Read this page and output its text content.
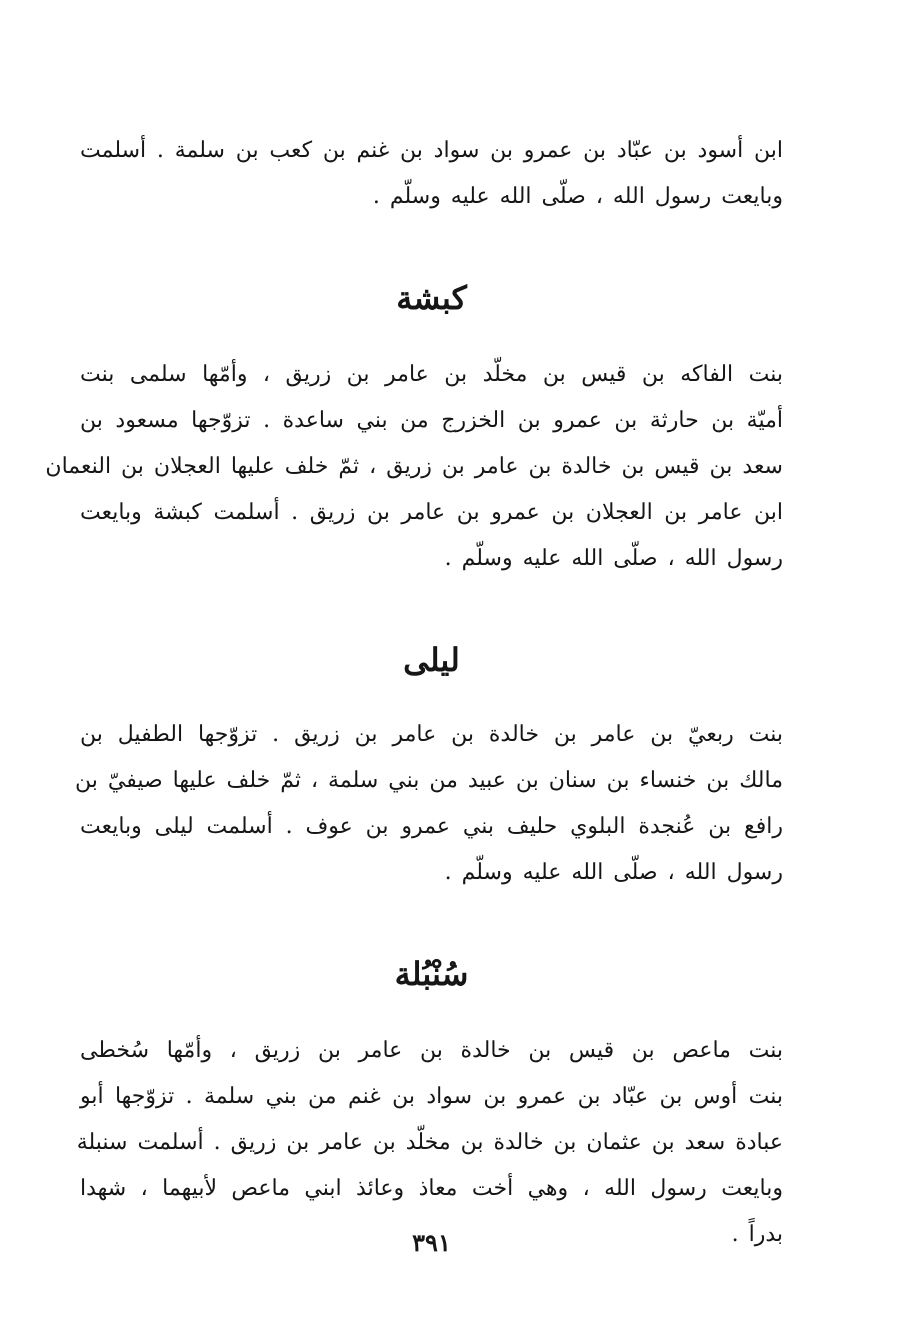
ابن أسود بن عبّاد بن عمرو بن سواد بن غنم بن كعب بن سلمة . أسلمت
وبايعت رسول الله ، صلّى الله عليه وسلّم .

كبشة

بنت الفاكه بن قيس بن مخلّد بن عامر بن زريق ، وأمّها سلمى بنت
أميّة بن حارثة بن عمرو بن الخزرج من بني ساعدة . تزوّجها مسعود بن
سعد بن قيس بن خالدة بن عامر بن زريق ، ثمّ خلف عليها العجلان بن النعمان
ابن عامر بن العجلان بن عمرو بن عامر بن زريق . أسلمت كبشة وبايعت
رسول الله ، صلّى الله عليه وسلّم .

ليلى

بنت ربعيّ بن عامر بن خالدة بن عامر بن زريق . تزوّجها الطفيل بن
مالك بن خنساء بن سنان بن عبيد من بني سلمة ، ثمّ خلف عليها صيفيّ بن
رافع بن عُنجدة البلوي حليف بني عمرو بن عوف . أسلمت ليلى وبايعت
رسول الله ، صلّى الله عليه وسلّم .

سُنْبُلة

بنت ماعص بن قيس بن خالدة بن عامر بن زريق ، وأمّها سُخطى
بنت أوس بن عبّاد بن عمرو بن سواد بن غنم من بني سلمة . تزوّجها أبو
عبادة سعد بن عثمان بن خالدة بن مخلّد بن عامر بن زريق . أسلمت سنبلة
وبايعت رسول الله ، وهي أخت معاذ وعائذ ابني ماعص لأبيهما ، شهدا
بدراً .

٣٩١
